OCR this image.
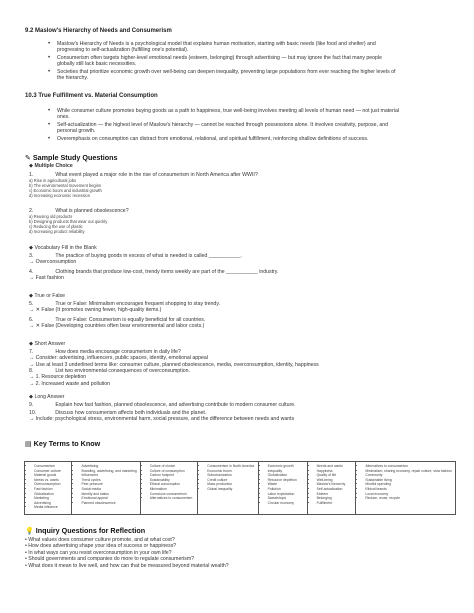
9.2 Maslow's Hierarchy of Needs and Consumerism
• Maslow's Hierarchy of Needs is a psychological model that explains human motivation, starting with basic needs (like food and shelter) and
progressing to self-actualization (fulfilling one's potential).
• Consumerism often targets higher-level emotional needs (esteem, belonging) through advertising — but may ignore the fact that many people
globally still lack basic necessities.
• Societies that prioritize economic growth over well-being can deepen inequality, preventing large populations from ever reaching the higher levels of
the hierarchy.
10.3 True Fulfillment vs. Material Consumption
• While consumer culture promotes buying goods as a path to happiness, true well-being involves meeting all levels of human need — not just material
ones.
• Self-actualization — the highest level of Maslow's hierarchy — cannot be reached through possessions alone. It involves creativity, purpose, and
personal growth.
• Overemphasis on consumption can distract from emotional, relational, and spiritual fulfillment, reinforcing shallow definitions of success.
✎ Sample Study Questions
◆ Multiple Choice
1.	What event played a major role in the rise of consumerism in North America after WWII?
a) Rise in agricultural jobs
b) The environmental movement begins
c) Economic boom and industrial growth
d) Increasing economic recession
2.	What is planned obsolescence?
a) Reusing old products
b) Designing products that wear out quickly
c) Reducing the use of plastic
d) Increasing product reliability
◆ Vocabulary Fill in the Blank
3.	The practice of buying goods in excess of what is needed is called ___________.
→ Overconsumption
4.	Clothing brands that produce low-cost, trendy items weekly are part of the ___________ industry.
→ Fast fashion
◆ True or False
5.	True or False: Minimalism encourages frequent shopping to stay trendy.
→ ✕ False (It promotes owning fewer, high-quality items.)
6.	True or False: Consumerism is equally beneficial for all countries.
→ ✕ False (Developing countries often bear environmental and labor costs.)
◆ Short Answer
7.	How does media encourage consumerism in daily life?
→ Consider: advertising, influencers, public spaces, identity, emotional appeal
→ Use at least 3 underlined terms like: consumer culture, planned obsolescence, media, overconsumption, identity, happiness
8.	List two environmental consequences of overconsumption.
→ 1. Resource depletion
→ 2. Increased waste and pollution
◆ Long Answer
9.	Explain how fast fashion, planned obsolescence, and advertising contribute to modern consumer culture.
10.	Discuss how consumerism affects both individuals and the planet.
→ Include: psychological stress, environmental harm, social pressure, and the difference between needs and wants
▤ Key Terms to Know
• Consumerism
• Consumer culture
• Material goods
• Needs vs. wants
• Overconsumption
• Fast fashion
• Globalization
• Marketing
• Advertising
• Media influence

• Advertising
• Branding, advertising, and marketing
• Influencers
• Trend cycles
• Peer pressure
• Social media
• Identity and status
• Emotional appeal
• Planned obsolescence

• Culture of choice
• Culture of consumption
• Carbon footprint
• Sustainability
• Ethical consumption
• Minimalism
• Conscious consumerism
• Alternatives to consumerism

• Consumerism in North America
• Economic boom
• Suburbanization
• Credit culture
• Mass production
• Global inequality

• Economic growth
• Inequality
• Globalization
• Resource depletion
• Waste
• Pollution
• Labor exploitation
• Sweatshops
• Circular economy

• Needs and wants
• Happiness
• Quality of life
• Well-being
• Maslow's hierarchy
• Self-actualization
• Esteem
• Belonging
• Fulfillment

• Alternatives to consumerism
• Minimalism, sharing economy, repair culture, slow fashion
• Community
• Sustainable living
• Mindful spending
• Ethical brands
• Local economy
• Reduce, reuse, recycle
💡 Inquiry Questions for Reflection
• What values does consumer culture promote, and at what cost?
• How does advertising shape your idea of success or happiness?
• In what ways can you resist overconsumption in your own life?
• Should governments and companies do more to regulate consumerism?
• What does it mean to live well, and how can that be measured beyond material wealth?
